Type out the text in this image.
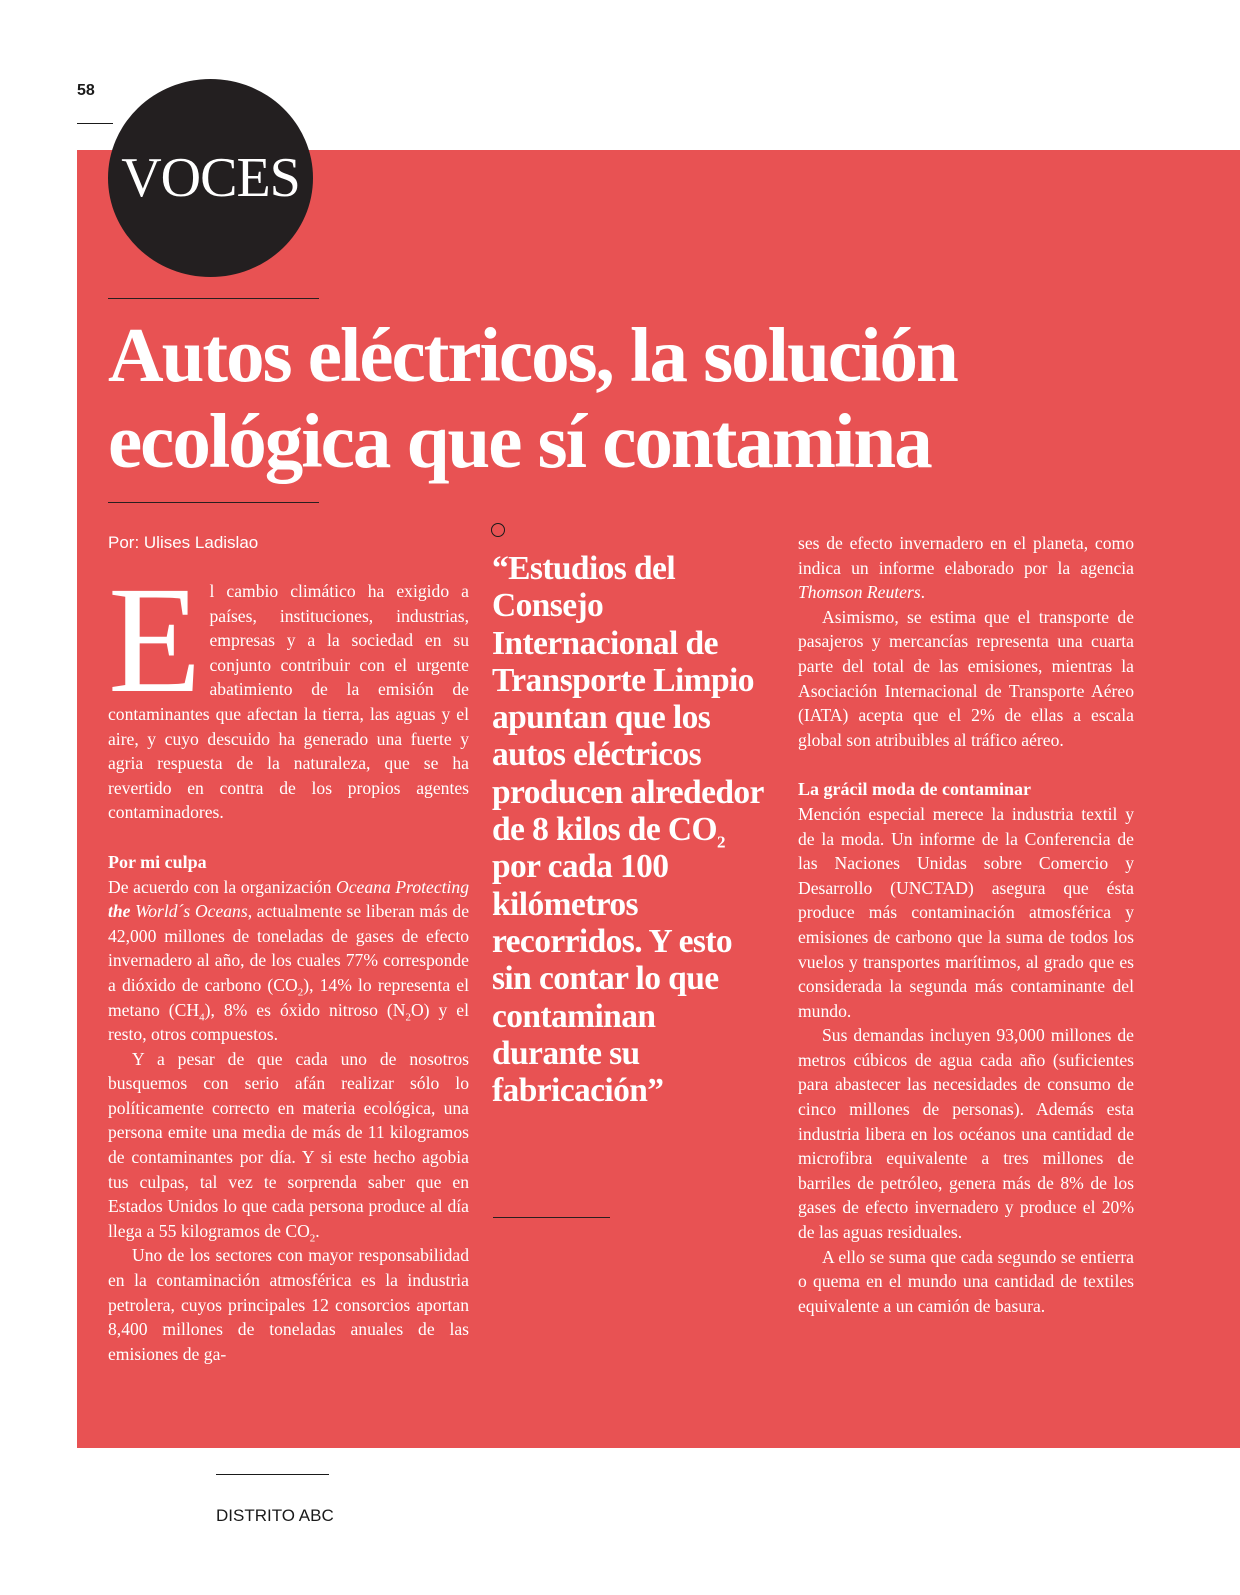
58
VOCES
Autos eléctricos, la solución
ecológica que sí contamina
Por: Ulises Ladislao

El cambio climático ha exigido a países, instituciones, industrias, empresas y a la sociedad en su conjunto contribuir con el urgente abatimiento de la emisión de contaminantes que afectan la tierra, las aguas y el aire, y cuyo descuido ha generado una fuerte y agria respuesta de la naturaleza, que se ha revertido en contra de los propios agentes contaminadores.

Por mi culpa

De acuerdo con la organización Oceana Protecting the World´s Oceans, actualmente se liberan más de 42,000 millones de toneladas de gases de efecto invernadero al año, de los cuales 77% corresponde a dióxido de carbono $(CO_2)$, 14% lo representa el metano $(CH_4)$, 8% es óxido nitroso $(N_2O)$ y el resto, otros compuestos.

Y a pesar de que cada uno de nosotros busquemos con serio afán realizar sólo lo políticamente correcto en materia ecológica, una persona emite una media de más de 11 kilogramos de contaminantes por día. Y si este hecho agobia tus culpas, tal vez te sorprenda saber que en Estados Unidos lo que cada persona produce al día llega a 55 kilogramos de $CO_2$.

Uno de los sectores con mayor responsabilidad en la contaminación atmosférica es la industria petrolera, cuyos principales 12 consorcios aportan 8,400 millones de toneladas anuales de las emisiones de ga-

“Estudios del Consejo Internacional de Transporte Limpio apuntan que los autos eléctricos producen alrededor de 8 kilos de $CO_2$ por cada 100 kilómetros recorridos. Y esto sin contar lo que contaminan durante su fabricación”

ses de efecto invernadero en el planeta, como indica un informe elaborado por la agencia Thomson Reuters.

Asimismo, se estima que el transporte de pasajeros y mercancías representa una cuarta parte del total de las emisiones, mientras la Asociación Internacional de Transporte Aéreo (IATA) acepta que el 2% de ellas a escala global son atribuibles al tráfico aéreo.

La grácil moda de contaminar

Mención especial merece la industria textil y de la moda. Un informe de la Conferencia de las Naciones Unidas sobre Comercio y Desarrollo (UNCTAD) asegura que ésta produce más contaminación atmosférica y emisiones de carbono que la suma de todos los vuelos y transportes marítimos, al grado que es considerada la segunda más contaminante del mundo.

Sus demandas incluyen 93,000 millones de metros cúbicos de agua cada año (suficientes para abastecer las necesidades de consumo de cinco millones de personas). Además esta industria libera en los océanos una cantidad de microfibra equivalente a tres millones de barriles de petróleo, genera más de 8% de los gases de efecto invernadero y produce el 20% de las aguas residuales.

A ello se suma que cada segundo se entierra o quema en el mundo una cantidad de textiles equivalente a un camión de basura.

DISTRITO ABC
